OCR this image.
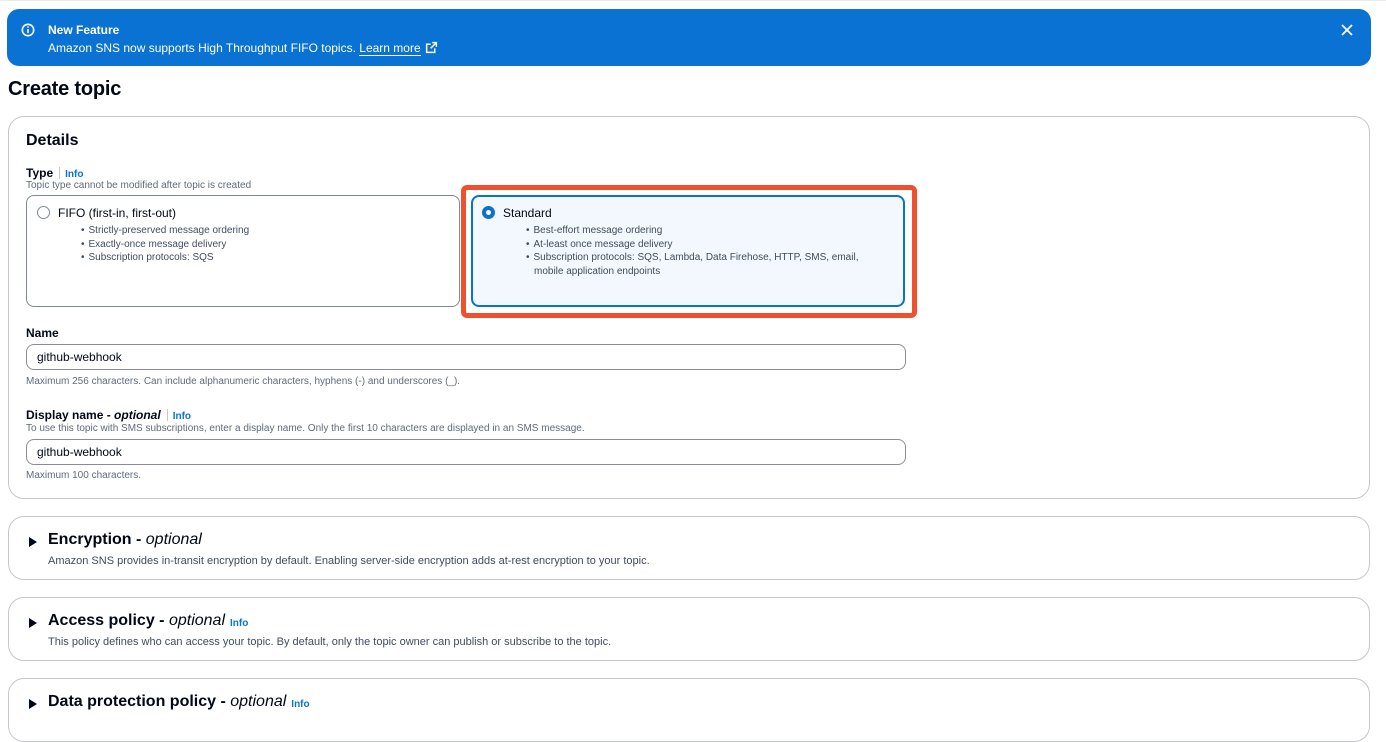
New Feature
Amazon SNS now supports High Throughput FIFO topics. Learn more
Create topic
Details
Type Info
Topic type cannot be modified after topic is created
FIFO (first-in, first-out)
• Strictly-preserved message ordering
• Exactly-once message delivery
• Subscription protocols: SQS
Standard
• Best-effort message ordering
• At-least once message delivery
• Subscription protocols: SQS, Lambda, Data Firehose, HTTP, SMS, email, mobile application endpoints
Name
github-webhook
Maximum 256 characters. Can include alphanumeric characters, hyphens (-) and underscores (_).
Display name - optional Info
To use this topic with SMS subscriptions, enter a display name. Only the first 10 characters are displayed in an SMS message.
github-webhook
Maximum 100 characters.
Encryption - optional
Amazon SNS provides in-transit encryption by default. Enabling server-side encryption adds at-rest encryption to your topic.
Access policy - optional Info
This policy defines who can access your topic. By default, only the topic owner can publish or subscribe to the topic.
Data protection policy - optional Info
